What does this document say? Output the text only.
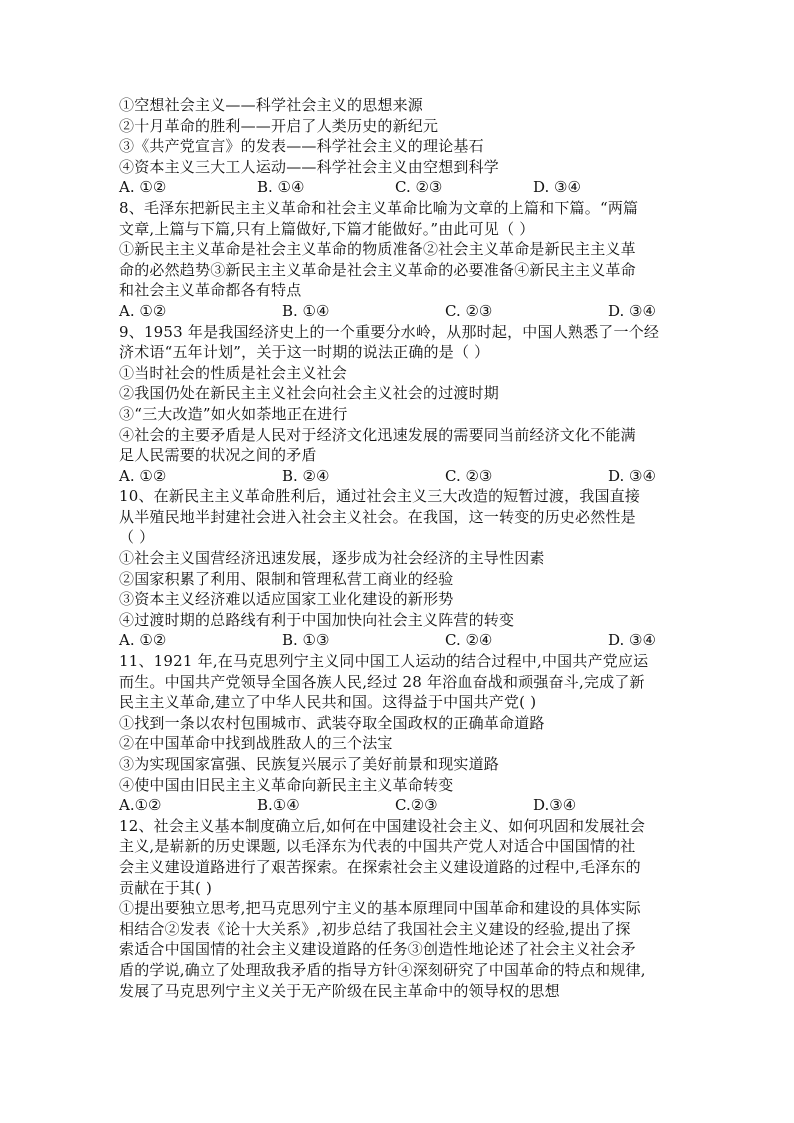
①空想社会主义——科学社会主义的思想来源
②十月革命的胜利——开启了人类历史的新纪元
③《共产党宣言》的发表——科学社会主义的理论基石
④资本主义三大工人运动——科学社会主义由空想到科学
A. ①②	B. ①④	C. ②③	D. ③④
8、毛泽东把新民主主义革命和社会主义革命比喻为文章的上篇和下篇。“两篇
文章,上篇与下篇,只有上篇做好,下篇才能做好。”由此可见（ ）
①新民主主义革命是社会主义革命的物质准备②社会主义革命是新民主主义革
命的必然趋势③新民主主义革命是社会主义革命的必要准备④新民主主义革命
和社会主义革命都各有特点
A. ①②	B. ①④	C. ②③	D. ③④
9、1953 年是我国经济史上的一个重要分水岭，从那时起，中国人熟悉了一个经
济术语“五年计划”，关于这一时期的说法正确的是（ ）
①当时社会的性质是社会主义社会
②我国仍处在新民主主义社会向社会主义社会的过渡时期
③“三大改造”如火如荼地正在进行
④社会的主要矛盾是人民对于经济文化迅速发展的需要同当前经济文化不能满
足人民需要的状况之间的矛盾
A. ①②	B. ②④	C. ②③	D. ③④
10、在新民主主义革命胜利后，通过社会主义三大改造的短暂过渡，我国直接
从半殖民地半封建社会进入社会主义社会。在我国，这一转变的历史必然性是
（ ）
①社会主义国营经济迅速发展，逐步成为社会经济的主导性因素
②国家积累了利用、限制和管理私营工商业的经验
③资本主义经济难以适应国家工业化建设的新形势
④过渡时期的总路线有利于中国加快向社会主义阵营的转变
A. ①②	B. ①③	C. ②④	D. ③④
11、1921 年,在马克思列宁主义同中国工人运动的结合过程中,中国共产党应运
而生。中国共产党领导全国各族人民,经过 28 年浴血奋战和顽强奋斗,完成了新
民主主义革命,建立了中华人民共和国。这得益于中国共产党( )
①找到一条以农村包围城市、武装夺取全国政权的正确革命道路
②在中国革命中找到战胜敌人的三个法宝
③为实现国家富强、民族复兴展示了美好前景和现实道路
④使中国由旧民主主义革命向新民主主义革命转变
A.①②	B.①④	C.②③	D.③④
12、社会主义基本制度确立后,如何在中国建设社会主义、如何巩固和发展社会
主义,是崭新的历史课题, 以毛泽东为代表的中国共产党人对适合中国国情的社
会主义建设道路进行了艰苦探索。在探索社会主义建设道路的过程中,毛泽东的
贡献在于其( )
①提出要独立思考,把马克思列宁主义的基本原理同中国革命和建设的具体实际
相结合②发表《论十大关系》,初步总结了我国社会主义建设的经验,提出了探
索适合中国国情的社会主义建设道路的任务③创造性地论述了社会主义社会矛
盾的学说,确立了处理敌我矛盾的指导方针④深刻研究了中国革命的特点和规律,
发展了马克思列宁主义关于无产阶级在民主革命中的领导权的思想
